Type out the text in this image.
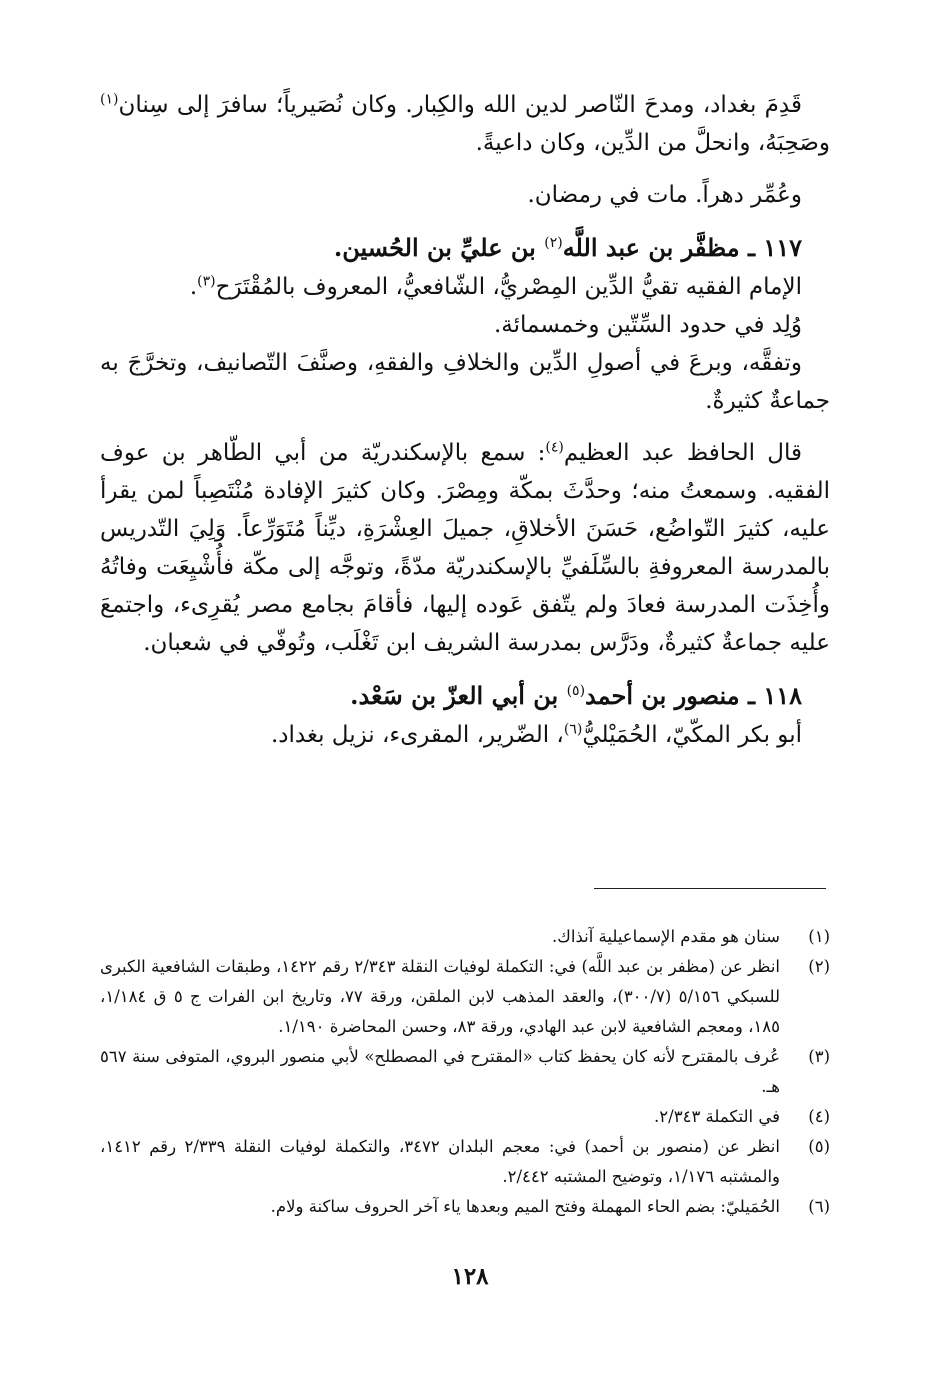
قَدِمَ بغداد، ومدحَ النّاصر لدين الله والكِبار. وكان نُصَيرياً؛ سافرَ إلى سِنان$^{(١)}$ وصَحِبَهُ، وانحلَّ من الدِّين، وكان داعيةً.

وعُمِّر دهراً. مات في رمضان.

١١٧ ـ مظفَّر بن عبد اللَّه$^{(٢)}$ بن عليِّ بن الحُسين.

الإمام الفقيه تقيُّ الدِّين المِصْريُّ، الشّافعيُّ، المعروف بالمُقْتَرَح$^{(٣)}$.

وُلِد في حدود السِّتّين وخمسمائة.

وتفقَّه، وبرعَ في أصولِ الدِّين والخلافِ والفقهِ، وصنَّفَ التّصانيف، وتخرَّجَ به جماعةٌ كثيرةٌ.

قال الحافظ عبد العظيم$^{(٤)}$: سمع بالإسكندريّة من أبي الطّاهر بن عوف الفقيه. وسمعتُ منه؛ وحدَّثَ بمكّة ومِصْرَ. وكان كثيرَ الإفادة مُنْتَصِباً لمن يقرأ عليه، كثيرَ التّواضُع، حَسَنَ الأخلاقِ، جميلَ العِشْرَةِ، ديِّناً مُتَوَرِّعاً. وَلِيَ التّدريس بالمدرسة المعروفةِ بالسِّلَفيِّ بالإسكندريّة مدّةً، وتوجَّه إلى مكّة فأُشْيِعَت وفاتُهُ وأُخِذَت المدرسة فعادَ ولم يتّفق عَوده إليها، فأقامَ بجامع مصر يُقرِىء، واجتمعَ عليه جماعةٌ كثيرةٌ، ودَرَّس بمدرسة الشريف ابن تَغْلَب، وتُوفّي في شعبان.

١١٨ ـ منصور بن أحمد$^{(٥)}$ بن أبي العزّ بن سَعْد.

أبو بكر المكّيّ، الحُمَيْليُّ$^{(٦)}$، الضّرير، المقرىء، نزيل بغداد.

(١)
سنان هو مقدم الإسماعيلية آنذاك.
(٢)
انظر عن (مظفر بن عبد اللَّه) في: التكملة لوفيات النقلة ٢/٣٤٣ رقم ١٤٢٢، وطبقات الشافعية الكبرى للسبكي ٥/١٥٦ (٣٠٠/٧)، والعقد المذهب لابن الملقن، ورقة ٧٧، وتاريخ ابن الفرات ج ٥ ق ١/١٨٤، ١٨٥، ومعجم الشافعية لابن عبد الهادي، ورقة ٨٣، وحسن المحاضرة ١/١٩٠.
(٣)
عُرف بالمقترح لأنه كان يحفظ كتاب «المقترح في المصطلح» لأبي منصور البروي، المتوفى سنة ٥٦٧ هـ.
(٤)
في التكملة ٢/٣٤٣.
(٥)
انظر عن (منصور بن أحمد) في: معجم البلدان ٣٤٧٢، والتكملة لوفيات النقلة ٢/٣٣٩ رقم ١٤١٢، والمشتبه ١/١٧٦، وتوضيح المشتبه ٢/٤٤٢.
(٦)
الحُمَيليّ: بضم الحاء المهملة وفتح الميم وبعدها ياء آخر الحروف ساكنة ولام.
١٢٨
